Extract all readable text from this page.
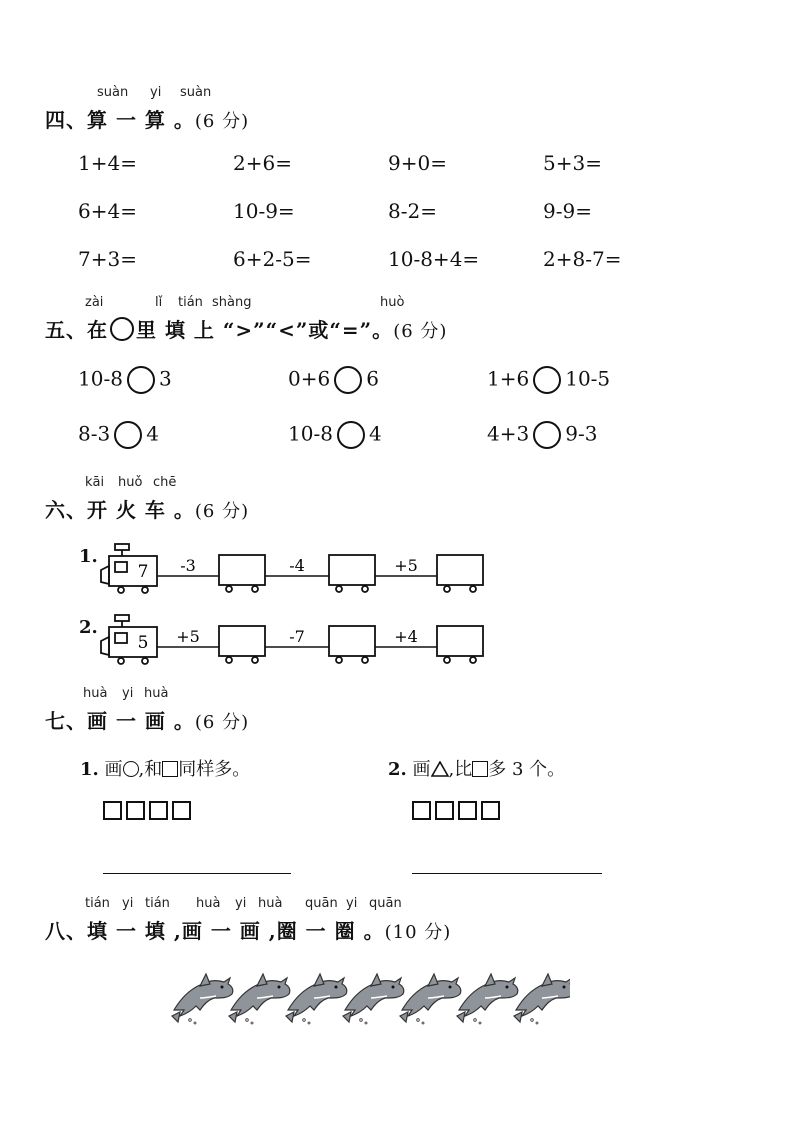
suàn yi suàn
四、算 一 算 。(6 分)
1+4=	2+6=	9+0=	5+3=
6+4=	10-9=	8-2=	9-9=
7+3=	6+2-5=	10-8+4=	2+8-7=
zài	lǐ tián shàng	huò
五、在 里 填 上 “>”“<”或“=”。(6 分)
10-8 3	0+6 6	1+6 10-5
8-3 4	10-8 4	4+3 9-3
kāi huǒ chē
六、开 火 车 。(6 分)
1.
7 -3	-4	+5
2.
5 +5	-7	+4
huà yi huà
七、画 一 画 。(6 分)
1. 画 ,和 同样多。	2. 画 ,比 多 3 个。
tián yi tián huà yi huà quān yi quān
八、填 一 填 ,画 一 画 ,圈 一 圈 。(10 分)
